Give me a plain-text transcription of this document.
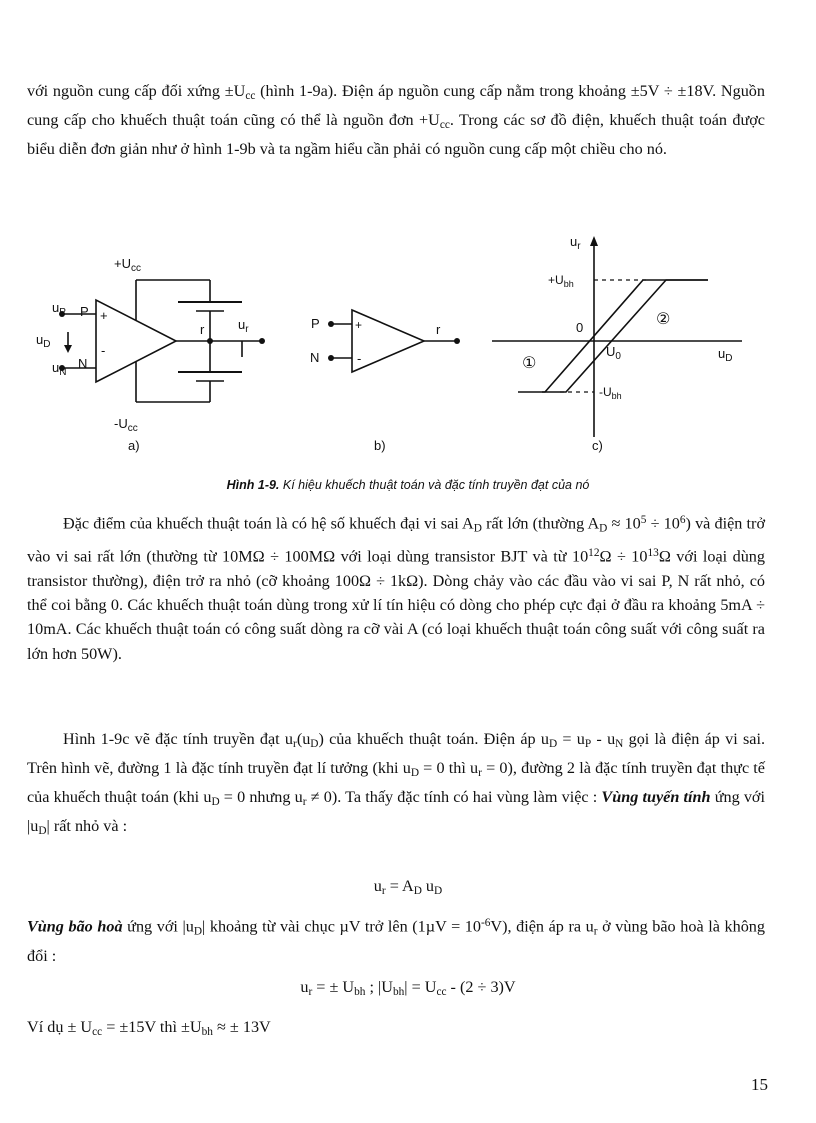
với nguồn cung cấp đối xứng $\pm U_{cc}$ (hình 1-9a). Điện áp nguồn cung cấp nằm trong khoảng ±5V ÷ ±18V. Nguồn cung cấp cho khuếch thuật toán cũng có thể là nguồn đơn $+U_{cc}$. Trong các sơ đồ điện, khuếch thuật toán được biểu diễn đơn giản như ở hình 1-9b và ta ngầm hiểu cần phải có nguồn cung cấp một chiều cho nó.

$+U_{cc}$
$-U_{cc}$
$u_P$ P
$u_D$
$u_N$
N
+
-
r	$u_r$
a)
P
N
+
-
r
b)
$u_r$
$+U_{bh}$
$-U_{bh}$
0
$U_0$	$u_D$
①
②
c)
Hình 1-9. Kí hiệu khuếch thuật toán và đặc tính truyền đạt của nó

Đặc điểm của khuếch thuật toán là có hệ số khuếch đại vi sai $A_D$ rất lớn (thường $A_D \approx 10^5 \div 10^6$) và điện trở vào vi sai rất lớn (thường từ 10MΩ ÷ 100MΩ với loại dùng transistor BJT và từ $10^{12}\Omega \div 10^{13}\Omega$ với loại dùng transistor thường), điện trở ra nhỏ (cỡ khoảng 100Ω ÷ 1kΩ). Dòng chảy vào các đầu vào vi sai P, N rất nhỏ, có thể coi bằng 0. Các khuếch thuật toán dùng trong xử lí tín hiệu có dòng cho phép cực đại ở đầu ra khoảng 5mA ÷ 10mA. Các khuếch thuật toán có công suất dòng ra cỡ vài A (có loại khuếch thuật toán công suất với công suất ra lớn hơn 50W).

Hình 1-9c vẽ đặc tính truyền đạt $u_r(u_D)$ của khuếch thuật toán. Điện áp $u_D = u_P - u_N$ gọi là điện áp vi sai. Trên hình vẽ, đường 1 là đặc tính truyền đạt lí tưởng (khi $u_D = 0$ thì $u_r = 0$), đường 2 là đặc tính truyền đạt thực tế của khuếch thuật toán (khi $u_D = 0$ nhưng $u_r \ne 0$). Ta thấy đặc tính có hai vùng làm việc : Vùng tuyến tính ứng với $|u_D|$ rất nhỏ và :

$u_r = A_D$ $u_D$

Vùng bão hoà ứng với $|u_D|$ khoảng từ vài chục µV trở lên $(1\mu V = 10^{-6}V)$, điện áp ra $u_r$ ở vùng bão hoà là không đổi :

$u_r$ = ± $U_{bh}$ ; $|U_{bh}| = U_{cc} - (2 \div 3)V$

Ví dụ ± $U_{cc} = \pm 15V$ thì $\pm U_{bh}$ ≈ ± 13V

15
